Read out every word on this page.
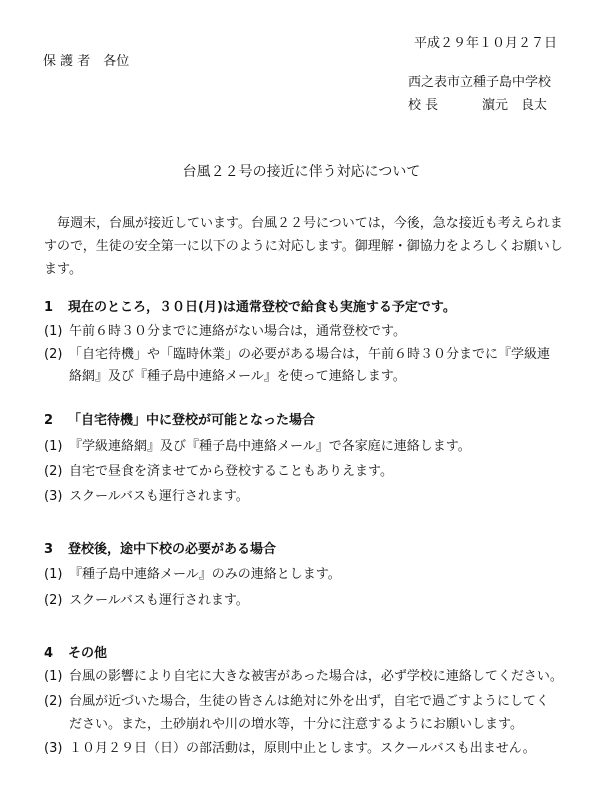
平成２９年１０月２７日
保 護 者　各位
西之表市立種子島中学校
校 長	濵元　良太
台風２２号の接近に伴う対応について
　毎週末，台風が接近しています。台風２２号については，今後，急な接近も考えられま
すので，生徒の安全第一に以下のように対応します。御理解・御協力をよろしくお願いし
ます。
1 現在のところ，３０日(月)は通常登校で給食も実施する予定です。
(1) 午前６時３０分までに連絡がない場合は，通常登校です。
(2) 「自宅待機」や「臨時休業」の必要がある場合は，午前６時３０分までに『学級連
絡網』及び『種子島中連絡メール』を使って連絡します。
2 「自宅待機」中に登校が可能となった場合
(1) 『学級連絡網』及び『種子島中連絡メール』で各家庭に連絡します。
(2) 自宅で昼食を済ませてから登校することもありえます。
(3) スクールバスも運行されます。
3 登校後，途中下校の必要がある場合
(1) 『種子島中連絡メール』のみの連絡とします。
(2) スクールバスも運行されます。
4 その他
(1) 台風の影響により自宅に大きな被害があった場合は，必ず学校に連絡してください。
(2) 台風が近づいた場合，生徒の皆さんは絶対に外を出ず，自宅で過ごすようにしてく
ださい。また，土砂崩れや川の増水等，十分に注意するようにお願いします。
(3) １０月２９日（日）の部活動は，原則中止とします。スクールバスも出ません。
